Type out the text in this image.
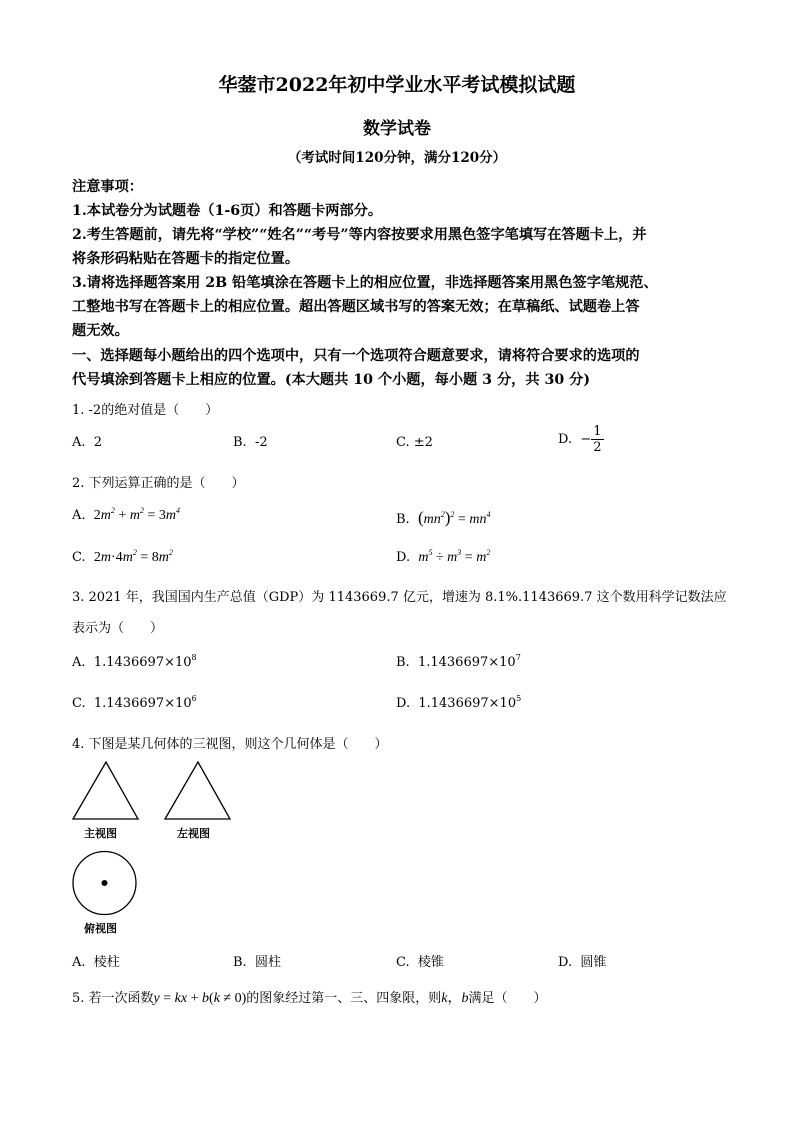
华蓥市2022年初中学业水平考试模拟试题
数学试卷
（考试时间120分钟，满分120分）
注意事项：
1.本试卷分为试题卷（1-6页）和答题卡两部分。
2.考生答题前，请先将“学校”“姓名”“考号”等内容按要求用黑色签字笔填写在答题卡上，并
将条形码粘贴在答题卡的指定位置。
3.请将选择题答案用 2B 铅笔填涂在答题卡上的相应位置，非选择题答案用黑色签字笔规范、
工整地书写在答题卡上的相应位置。超出答题区域书写的答案无效；在草稿纸、试题卷上答
题无效。
一、选择题每小题给出的四个选项中，只有一个选项符合题意要求，请将符合要求的选项的
代号填涂到答题卡上相应的位置。(本大题共 10 个小题，每小题 3 分，共 30 分)
1. -2的绝对值是（　　）
A. 2	B. -2	C. ±2	D. − $\frac{1}{2}$
2. 下列运算正确的是（　　）
A. $2m^2 + m^2 = 3m^4$
B. $(mn^2)^2 = mn^4$
C. $2m\cdot 4m^2 = 8m^2$	D. $m^5 \div m^3 = m^2$
3. 2021 年，我国国内生产总值（GDP）为 1143669.7 亿元，增速为 8.1%.1143669.7 这个数用科学记数法应
表示为（　　）
A. $1.1436697\times 10^8$	B. $1.1436697\times 10^7$
C. $1.1436697\times 10^6$	D. $1.1436697\times 10^5$
4. 下图是某几何体的三视图，则这个几何体是（　　）
主视图	左视图
俯视图
A. 棱柱	B. 圆柱	C. 棱锥	D. 圆锥
5. 若一次函数y = kx + b(k ≠ 0)的图象经过第一、三、四象限，则k，b满足（　　）
